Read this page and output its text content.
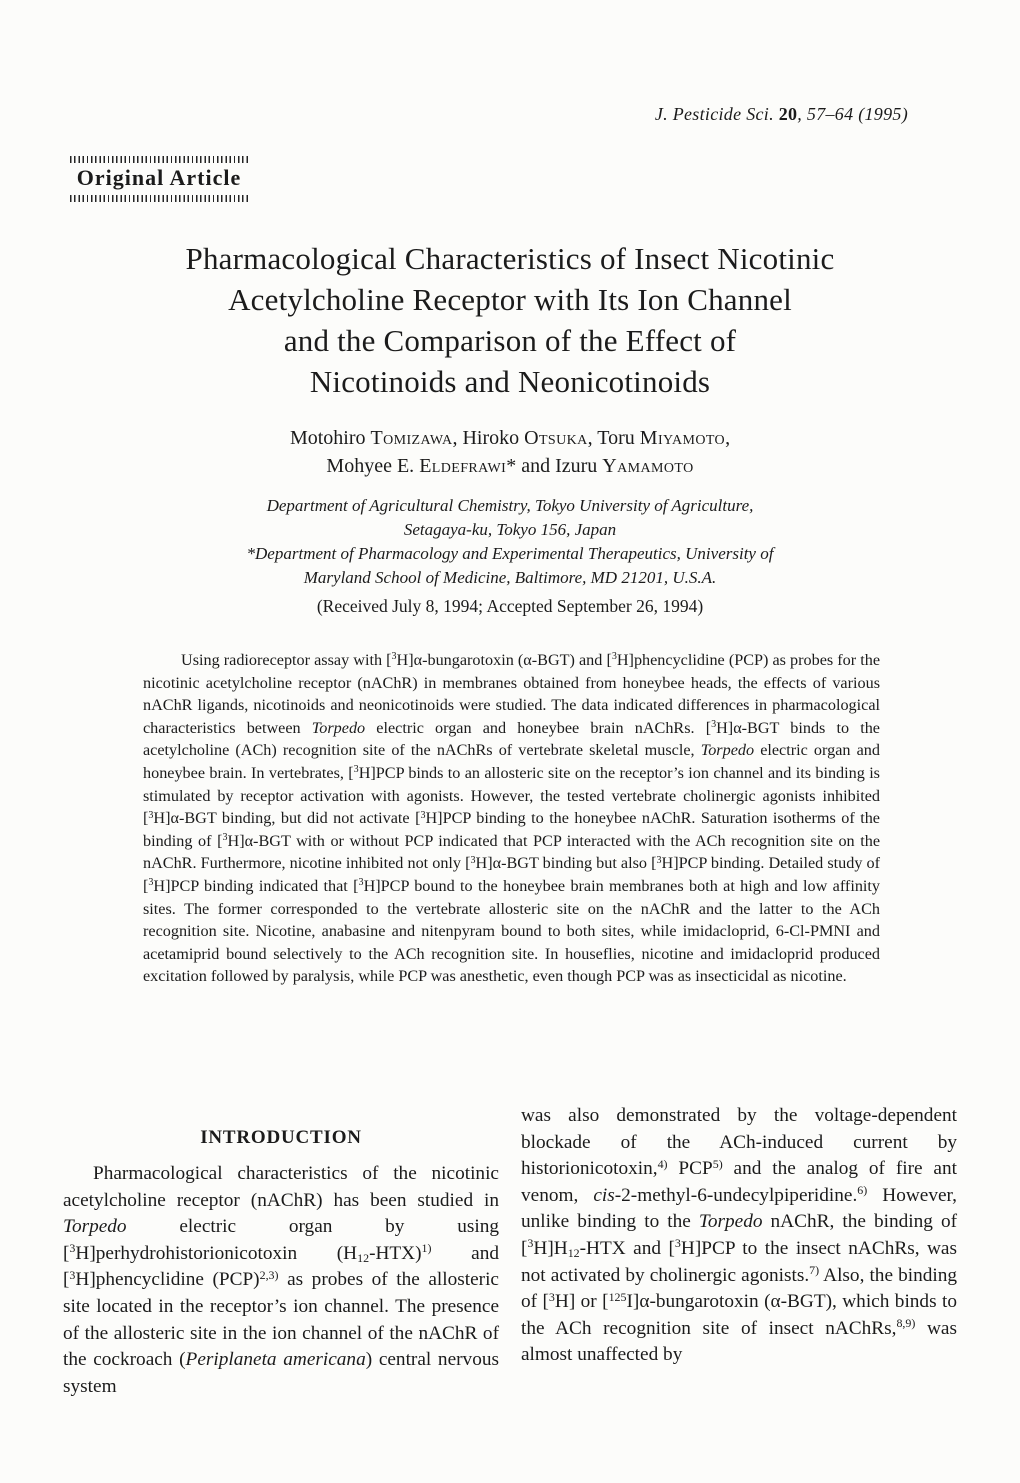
J. Pesticide Sci. 20, 57–64 (1995)
Original Article
Pharmacological Characteristics of Insect Nicotinic
Acetylcholine Receptor with Its Ion Channel
and the Comparison of the Effect of
Nicotinoids and Neonicotinoids
Motohiro Tomizawa, Hiroko Otsuka, Toru Miyamoto,
Mohyee E. Eldefrawi* and Izuru Yamamoto
Department of Agricultural Chemistry, Tokyo University of Agriculture,
Setagaya-ku, Tokyo 156, Japan
*Department of Pharmacology and Experimental Therapeutics, University of
Maryland School of Medicine, Baltimore, MD 21201, U.S.A.
(Received July 8, 1994; Accepted September 26, 1994)
Using radioreceptor assay with [$^3$H]α-bungarotoxin (α-BGT) and [$^3$H]phencyclidine (PCP) as probes for the nicotinic acetylcholine receptor (nAChR) in membranes obtained from honeybee heads, the effects of various nAChR ligands, nicotinoids and neonicotinoids were studied. The data indicated differences in pharmacological characteristics between Torpedo electric organ and honeybee brain nAChRs. [$^3$H]α-BGT binds to the acetylcholine (ACh) recognition site of the nAChRs of vertebrate skeletal muscle, Torpedo electric organ and honeybee brain. In vertebrates, [$^3$H]PCP binds to an allosteric site on the receptor’s ion channel and its binding is stimulated by receptor activation with agonists. However, the tested vertebrate cholinergic agonists inhibited [$^3$H]α-BGT binding, but did not activate [$^3$H]PCP binding to the honeybee nAChR. Saturation isotherms of the binding of [$^3$H]α-BGT with or without PCP indicated that PCP interacted with the ACh recognition site on the nAChR. Furthermore, nicotine inhibited not only [$^3$H]α-BGT binding but also [$^3$H]PCP binding. Detailed study of [$^3$H]PCP binding indicated that [$^3$H]PCP bound to the honeybee brain membranes both at high and low affinity sites. The former corresponded to the vertebrate allosteric site on the nAChR and the latter to the ACh recognition site. Nicotine, anabasine and nitenpyram bound to both sites, while imidacloprid, 6-Cl-PMNI and acetamiprid bound selectively to the ACh recognition site. In houseflies, nicotine and imidacloprid produced excitation followed by paralysis, while PCP was anesthetic, even though PCP was as insecticidal as nicotine.
INTRODUCTION

Pharmacological characteristics of the nicotinic acetylcholine receptor (nAChR) has been studied in Torpedo electric organ by using [$^3$H]perhydrohistorionicotoxin $(H_{12}-HTX)^{1)}$ and [$^3$H]phencyclidine (PCP)$^{2,3)}$ as probes of the allosteric site located in the receptor’s ion channel. The presence of the allosteric site in the ion channel of the nAChR of the cockroach (Periplaneta americana) central nervous system

was also demonstrated by the voltage-dependent blockade of the ACh-induced current by historionicotoxin,$^{4)}$ PCP$^{5)}$ and the analog of fire ant venom, cis-2-methyl-6-undecylpiperidine.$^{6)}$ However, unlike binding to the Torpedo nAChR, the binding of $[^3H]H_{12}$-HTX and [$^3$H]PCP to the insect nAChRs, was not activated by cholinergic agonists.$^{7)}$ Also, the binding of [$^3$H] or [$^{125}$I]α-bungarotoxin (α-BGT), which binds to the ACh recognition site of insect nAChRs,$^{8,9)}$ was almost unaffected by
